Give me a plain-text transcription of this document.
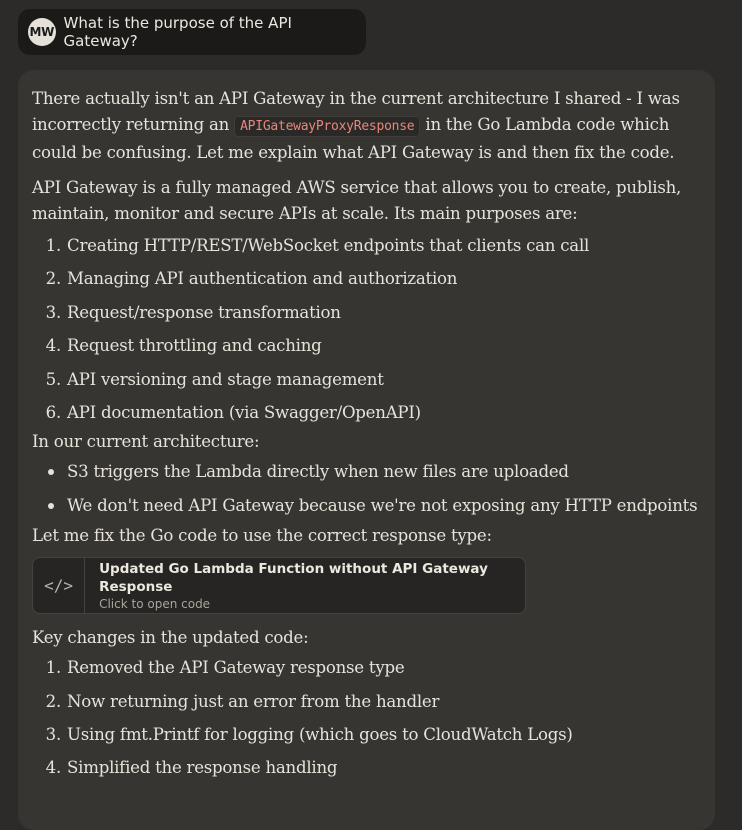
MW What is the purpose of the API Gateway?

There actually isn't an API Gateway in the current architecture I shared - I was incorrectly returning an APIGatewayProxyResponse in the Go Lambda code which could be confusing. Let me explain what API Gateway is and then fix the code.

API Gateway is a fully managed AWS service that allows you to create, publish, maintain, monitor and secure APIs at scale. Its main purposes are:

1.
Creating HTTP/REST/WebSocket endpoints that clients can call
2.
Managing API authentication and authorization
3.
Request/response transformation
4.
Request throttling and caching
5.
API versioning and stage management
6.
API documentation (via Swagger/OpenAPI)

In our current architecture:

S3 triggers the Lambda directly when new files are uploaded

We don't need API Gateway because we're not exposing any HTTP endpoints

Let me fix the Go code to use the correct response type:

</>
Updated Go Lambda Function without API Gateway Response
Click to open code

Key changes in the updated code:

1.
Removed the API Gateway response type
2.
Now returning just an error from the handler
3.
Using fmt.Printf for logging (which goes to CloudWatch Logs)
4.
Simplified the response handling
